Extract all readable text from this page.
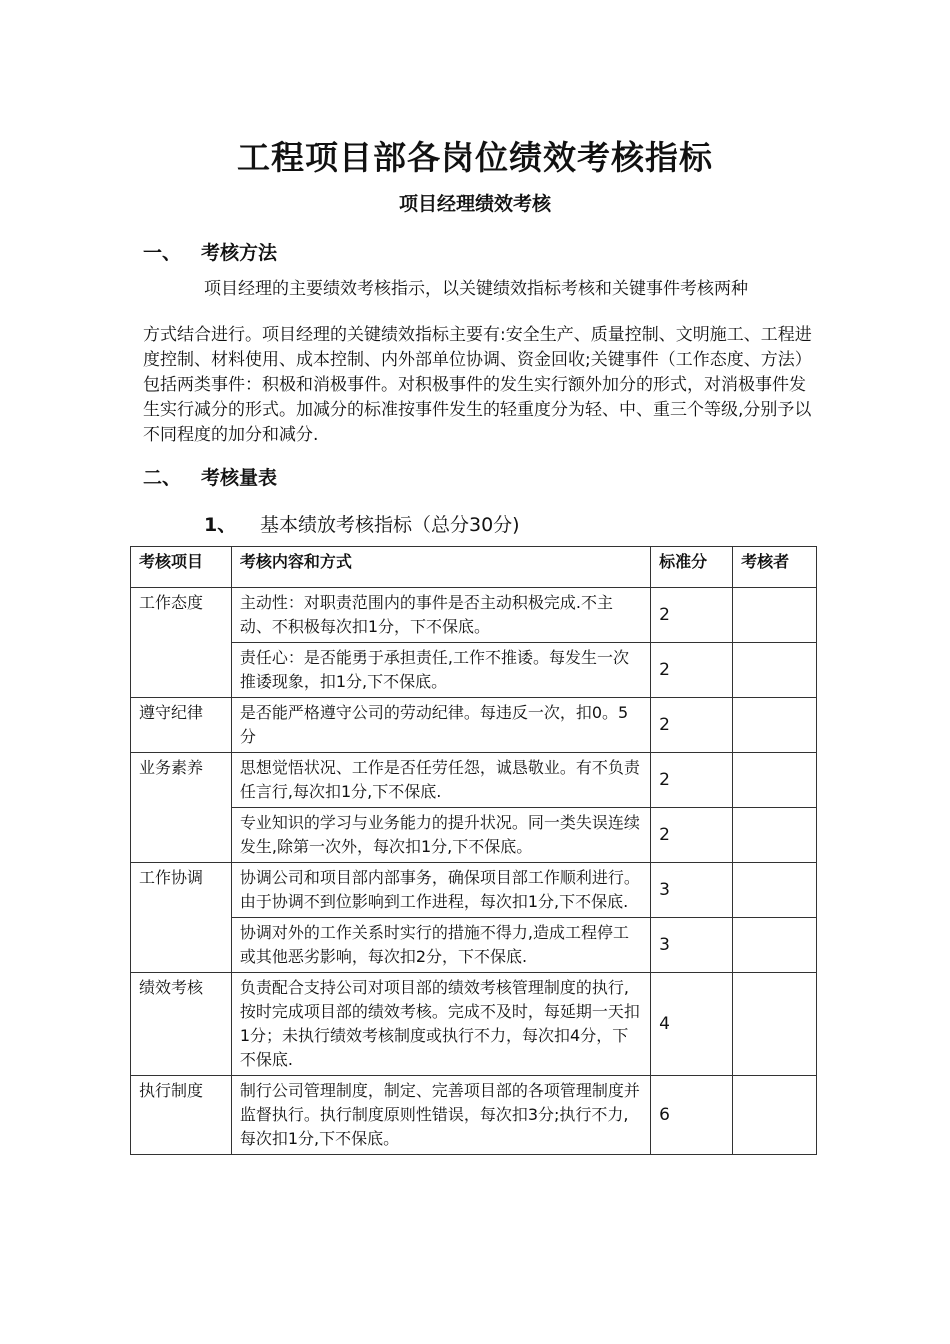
工程项目部各岗位绩效考核指标
项目经理绩效考核
一、 考核方法
项目经理的主要绩效考核指示，以关键绩效指标考核和关键事件考核两种
方式结合进行。项目经理的关键绩效指标主要有:安全生产、质量控制、文明施工、工程进度控制、材料使用、成本控制、内外部单位协调、资金回收;关键事件（工作态度、方法）包括两类事件：积极和消极事件。对积极事件的发生实行额外加分的形式，对消极事件发生实行减分的形式。加减分的标准按事件发生的轻重度分为轻、中、重三个等级,分别予以不同程度的加分和减分.
二、 考核量表
1、 基本绩放考核指标（总分30分)
考核项目	考核内容和方式	标准分	考核者
工作态度	主动性：对职责范围内的事件是否主动积极完成.不主动、不积极每次扣1分，下不保底。	2	
	责任心：是否能勇于承担责任,工作不推诿。每发生一次推诿现象，扣1分,下不保底。	2	
遵守纪律	是否能严格遵守公司的劳动纪律。每违反一次，扣0。5分	2	
业务素养	思想觉悟状况、工作是否任劳任怨，诚恳敬业。有不负责任言行,每次扣1分,下不保底.	2	
	专业知识的学习与业务能力的提升状况。同一类失误连续发生,除第一次外，每次扣1分,下不保底。	2	
工作协调	协调公司和项目部内部事务，确保项目部工作顺利进行。由于协调不到位影响到工作进程，每次扣1分,下不保底.	3	
	协调对外的工作关系时实行的措施不得力,造成工程停工或其他恶劣影响，每次扣2分，下不保底.	3	
绩效考核	负责配合支持公司对项目部的绩效考核管理制度的执行,按时完成项目部的绩效考核。完成不及时，每延期一天扣1分；未执行绩效考核制度或执行不力，每次扣4分，下不保底.	4	
执行制度	制行公司管理制度，制定、完善项目部的各项管理制度并监督执行。执行制度原则性错误，每次扣3分;执行不力,每次扣1分,下不保底。	6	
